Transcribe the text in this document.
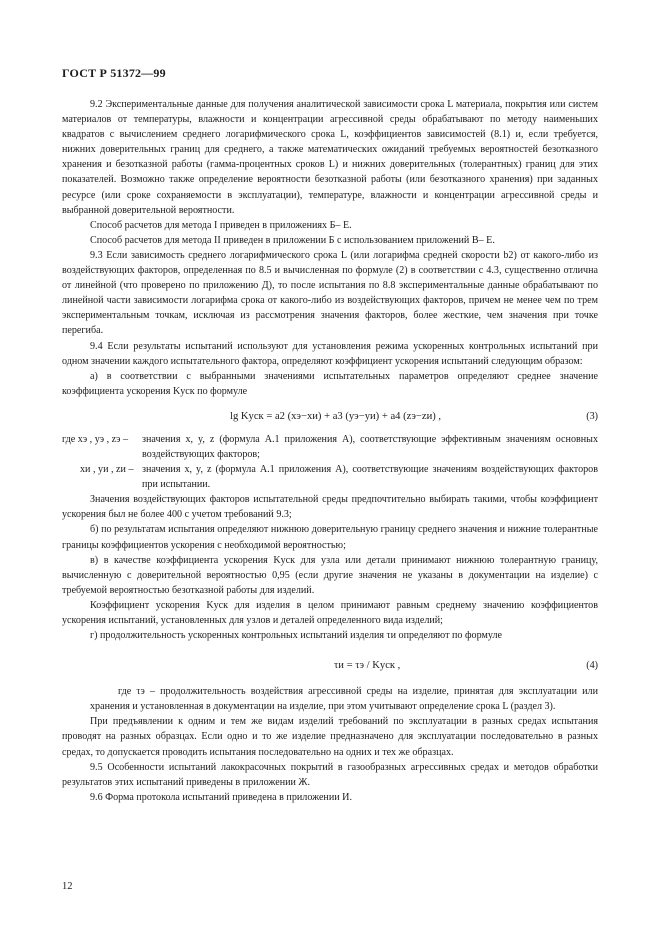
ГОСТ Р 51372—99

9.2 Экспериментальные данные для получения аналитической зависимости срока L материала, покрытия или систем материалов от температуры, влажности и концентрации агрессивной среды обрабатывают по методу наименьших квадратов с вычислением среднего логарифмического срока L, коэффициентов зависимостей (8.1) и, если требуется, нижних доверительных границ для среднего, а также математических ожиданий требуемых вероятностей безотказного хранения и безотказной работы (гамма-процентных сроков L) и нижних доверительных (толерантных) границ для этих показателей. Возможно также определение вероятности безотказной работы (или безотказного хранения) при заданных ресурсе (или сроке сохраняемости в эксплуатации), температуре, влажности и концентрации агрессивной среды и выбранной доверительной вероятности.

Способ расчетов для метода I приведен в приложениях Б– Е.

Способ расчетов для метода II приведен в приложении Б с использованием приложений В– Е.

9.3 Если зависимость среднего логарифмического срока L (или логарифма средней скорости b2) от какого-либо из воздействующих факторов, определенная по 8.5 и вычисленная по формуле (2) в соответствии с 4.3, существенно отлична от линейной (что проверено по приложению Д), то после испытания по 8.8 экспериментальные данные обрабатывают по линейной части зависимости логарифма срока от какого-либо из воздействующих факторов, причем не менее чем по трем экспериментальным точкам, исключая из рассмотрения значения факторов, более жесткие, чем значения при точке перегиба.

9.4 Если результаты испытаний используют для установления режима ускоренных контрольных испытаний при одном значении каждого испытательного фактора, определяют коэффициент ускорения испытаний следующим образом:

а) в соответствии с выбранными значениями испытательных параметров определяют среднее значение коэффициента ускорения Kуск по формуле

lg Kуск = a2 (xэ−xи) + a3 (yэ−yи) + a4 (zэ−zи) ,	(3)
где xэ , yэ , zэ –	значения x, y, z (формула А.1 приложения А), соответствующие эффективным значениям основных воздействующих факторов;
xи , yи , zи – значения x, y, z (формула А.1 приложения А), соответствующие значениям воздействующих факторов при испытании.

Значения воздействующих факторов испытательной среды предпочтительно выбирать такими, чтобы коэффициент ускорения был не более 400 с учетом требований 9.3;

б) по результатам испытания определяют нижнюю доверительную границу среднего значения и нижние толерантные границы коэффициентов ускорения с необходимой вероятностью;

в) в качестве коэффициента ускорения Kуск для узла или детали принимают нижнюю толерантную границу, вычисленную с доверительной вероятностью 0,95 (если другие значения не указаны в документации на изделие) с требуемой вероятностью безотказной работы для изделий.

Коэффициент ускорения Kуск для изделия в целом принимают равным среднему значению коэффициентов ускорения испытаний, установленных для узлов и деталей определенного вида изделий;

г) продолжительность ускоренных контрольных испытаний изделия τи определяют по формуле

τи = τэ / Kуск ,	(4)

где τэ – продолжительность воздействия агрессивной среды на изделие, принятая для эксплуатации или хранения и установленная в документации на изделие, при этом учитывают определение срока L (раздел 3).

При предъявлении к одним и тем же видам изделий требований по эксплуатации в разных средах испытания проводят на разных образцах. Если одно и то же изделие предназначено для эксплуатации последовательно в разных средах, то допускается проводить испытания последовательно на одних и тех же образцах.

9.5 Особенности испытаний лакокрасочных покрытий в газообразных агрессивных средах и методов обработки результатов этих испытаний приведены в приложении Ж.

9.6 Форма протокола испытаний приведена в приложении И.

12
